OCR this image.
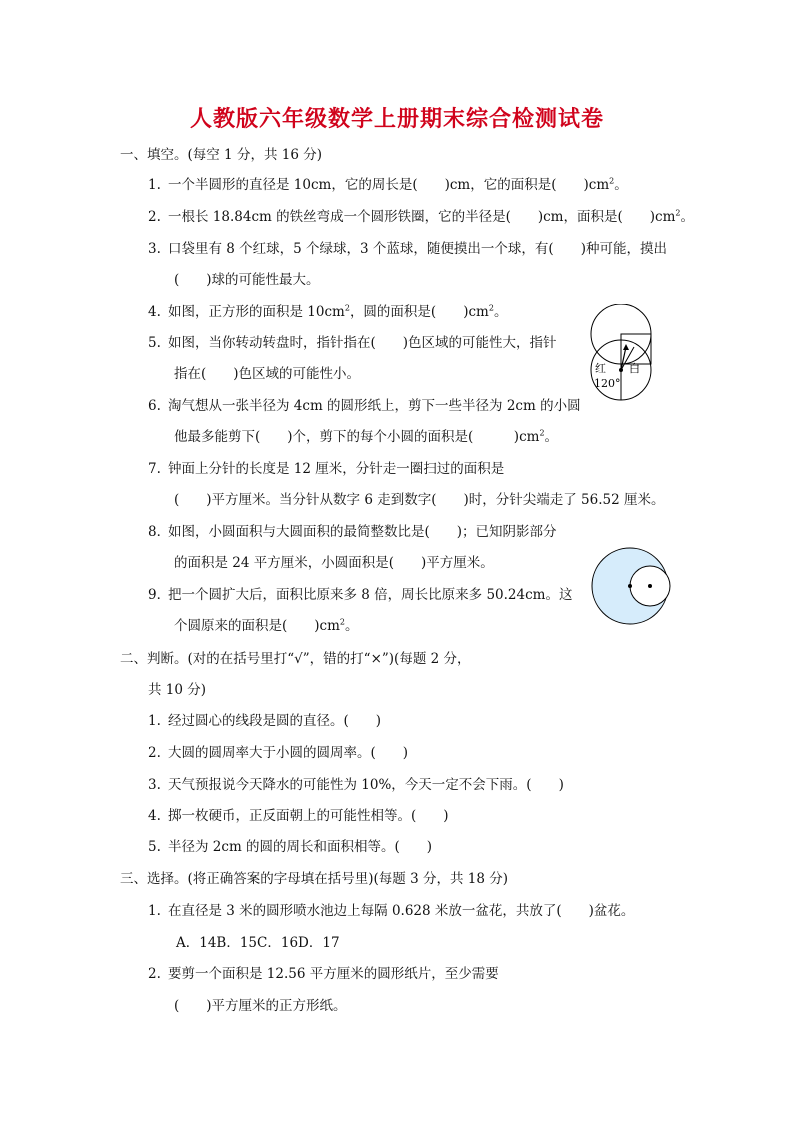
人教版六年级数学上册期末综合检测试卷
一、填空。(每空 1 分，共 16 分)
1. 一个半圆形的直径是 10cm，它的周长是(　　)cm，它的面积是(　　)$cm^2$。
2. 一根长 18.84cm 的铁丝弯成一个圆形铁圈，它的半径是(　　)cm，面积是(　　)$cm^2$。
3. 口袋里有 8 个红球，5 个绿球，3 个蓝球，随便摸出一个球，有(　　)种可能，摸出
(　　)球的可能性最大。
4. 如图，正方形的面积是 $10cm^2$，圆的面积是(　　)$cm^2$。
5. 如图，当你转动转盘时，指针指在(　　)色区域的可能性大，指针
指在(　　)色区域的可能性小。
6. 淘气想从一张半径为 4cm 的圆形纸上，剪下一些半径为 2cm 的小圆
他最多能剪下(　　)个，剪下的每个小圆的面积是(　　　)$cm^2$。
7. 钟面上分针的长度是 12 厘米，分针走一圈扫过的面积是
(　　)平方厘米。当分针从数字 6 走到数字(　　)时，分针尖端走了 56.52 厘米。
8．如图，小圆面积与大圆面积的最简整数比是(　　)；已知阴影部分
的面积是 24 平方厘米，小圆面积是(　　)平方厘米。
9．把一个圆扩大后，面积比原来多 8 倍，周长比原来多 50.24cm。这
个圆原来的面积是(　　)$cm^2$。
红 白
120°
二、判断。(对的在括号里打“√”，错的打“×”)(每题 2 分，
共 10 分)
1. 经过圆心的线段是圆的直径。(　　)
2. 大圆的圆周率大于小圆的圆周率。(　　)
3. 天气预报说今天降水的可能性为 10%，今天一定不会下雨。(　　)
4. 掷一枚硬币，正反面朝上的可能性相等。(　　)
5. 半径为 2cm 的圆的周长和面积相等。(　　)
三、选择。(将正确答案的字母填在括号里)(每题 3 分，共 18 分)
1. 在直径是 3 米的圆形喷水池边上每隔 0.628 米放一盆花，共放了(　　)盆花。
A．14B．15C．16D．17
2. 要剪一个面积是 12.56 平方厘米的圆形纸片，至少需要
(　　)平方厘米的正方形纸。
